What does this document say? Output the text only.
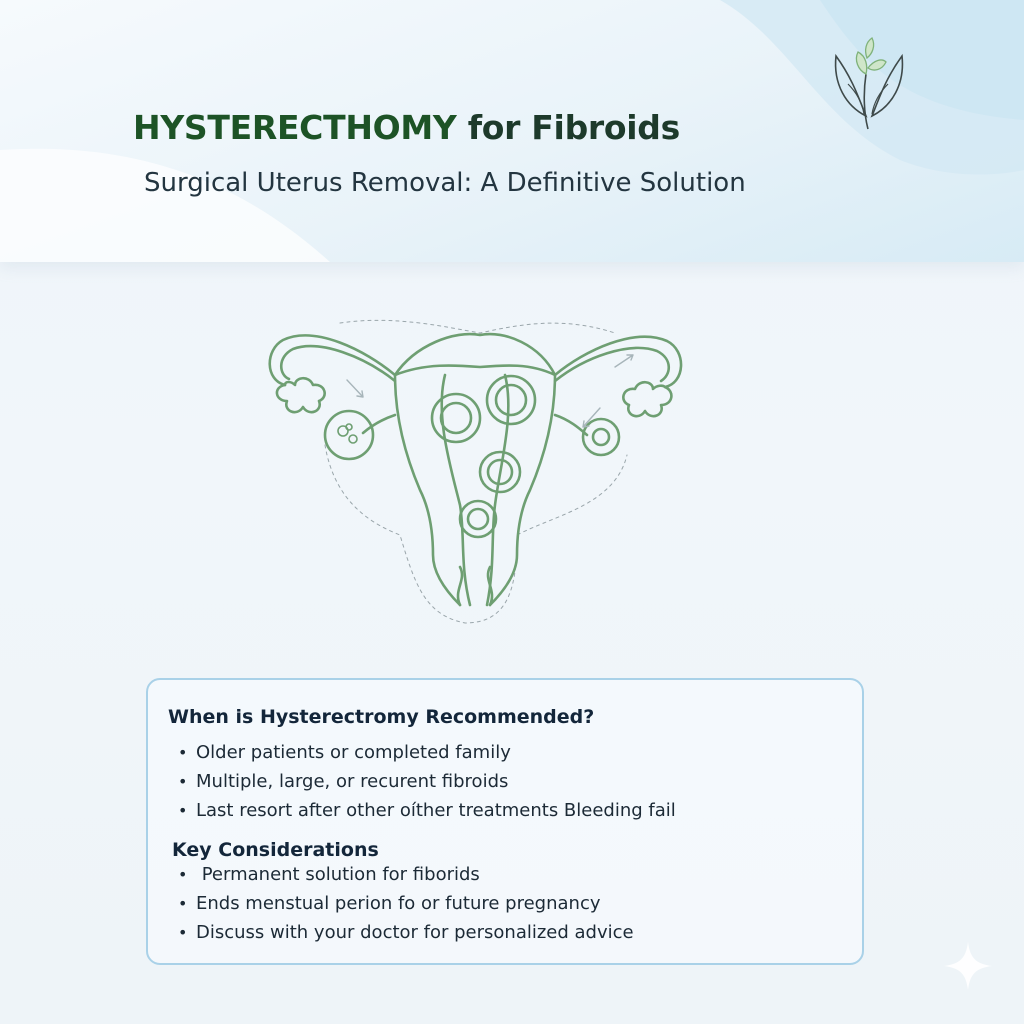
HYSTERECTHOMY for Fibroids

Surgical Uterus Removal: A Definitive Solution

When is Hysterectromy Recommended?
• Older patients or completed family
• Multiple, large, or recurent fibroids
• Last resort after other oíther treatments Bleeding fail
Key Considerations
• Permanent solution for fiborids
• Ends menstual perion fo or future pregnancy
• Discuss with your doctor for personalized advice
